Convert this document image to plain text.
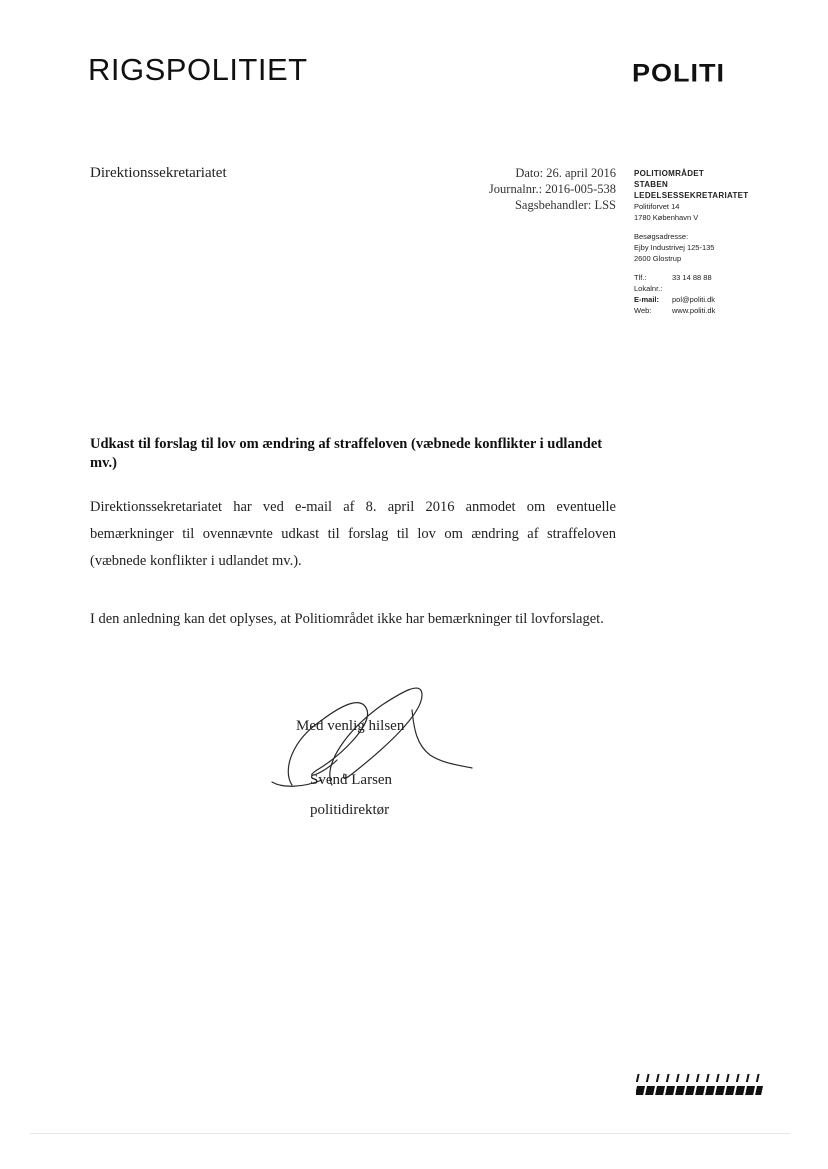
RIGSPOLITIET	POLITI
Direktionssekretariatet	Dato: 26. april 2016
Journalnr.: 2016-005-538
Sagsbehandler: LSS
POLITIOMRÅDET
STABEN
LEDELSESSEKRETARIATET
Politiforvet 14
1780 København V
Besøgsadresse:
Ejby Industrivej 125-135
2600 Glostrup
Tlf.:	33 14 88 88
Lokalnr.:
E-mail:	pol@politi.dk
Web:	www.politi.dk
Udkast til forslag til lov om ændring af straffeloven (væbnede konflikter i udlandet mv.)
Direktionssekretariatet har ved e-mail af 8. april 2016 anmodet om eventuelle bemærkninger til ovennævnte udkast til forslag til lov om ændring af straffeloven (væbnede konflikter i udlandet mv.).
I den anledning kan det oplyses, at Politiområdet ikke har bemærkninger til lovforslaget.
Med venlig hilsen
Svend Larsen
politidirektør
